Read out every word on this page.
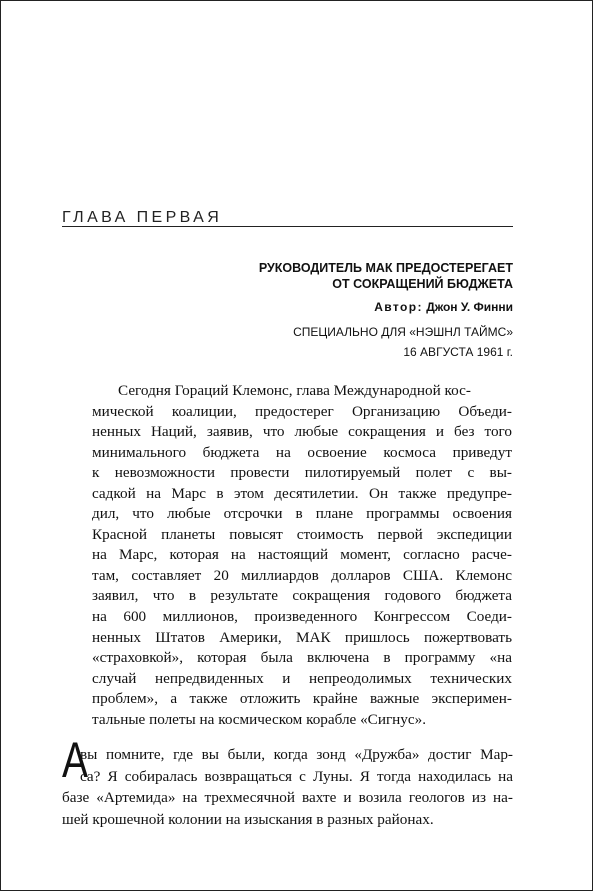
ГЛАВА ПЕРВАЯ
РУКОВОДИТЕЛЬ МАК ПРЕДОСТЕРЕГАЕТ
ОТ СОКРАЩЕНИЙ БЮДЖЕТА
Автор: Джон У. Финни
СПЕЦИАЛЬНО ДЛЯ «НЭШНЛ ТАЙМС»
16 АВГУСТА 1961 г.
Сегодня Гораций Клемонс, глава Международной кос-
мической коалиции, предостерег Организацию Объеди-
ненных Наций, заявив, что любые сокращения и без того
минимального бюджета на освоение космоса приведут
к невозможности провести пилотируемый полет с вы-
садкой на Марс в этом десятилетии. Он также предупре-
дил, что любые отсрочки в плане программы освоения
Красной планеты повысят стоимость первой экспедиции
на Марс, которая на настоящий момент, согласно расче-
там, составляет 20 миллиардов долларов США. Клемонс
заявил, что в результате сокращения годового бюджета
на 600 миллионов, произведенного Конгрессом Соеди-
ненных Штатов Америки, МАК пришлось пожертвовать
«страховкой», которая была включена в программу «на
случай непредвиденных и непреодолимых технических
проблем», а также отложить крайне важные эксперимен-
тальные полеты на космическом корабле «Сигнус».
А
вы помните, где вы были, когда зонд «Дружба» достиг Мар-
са? Я собиралась возвращаться с Луны. Я тогда находилась на
базе «Артемида» на трехмесячной вахте и возила геологов из на-
шей крошечной колонии на изыскания в разных районах.
